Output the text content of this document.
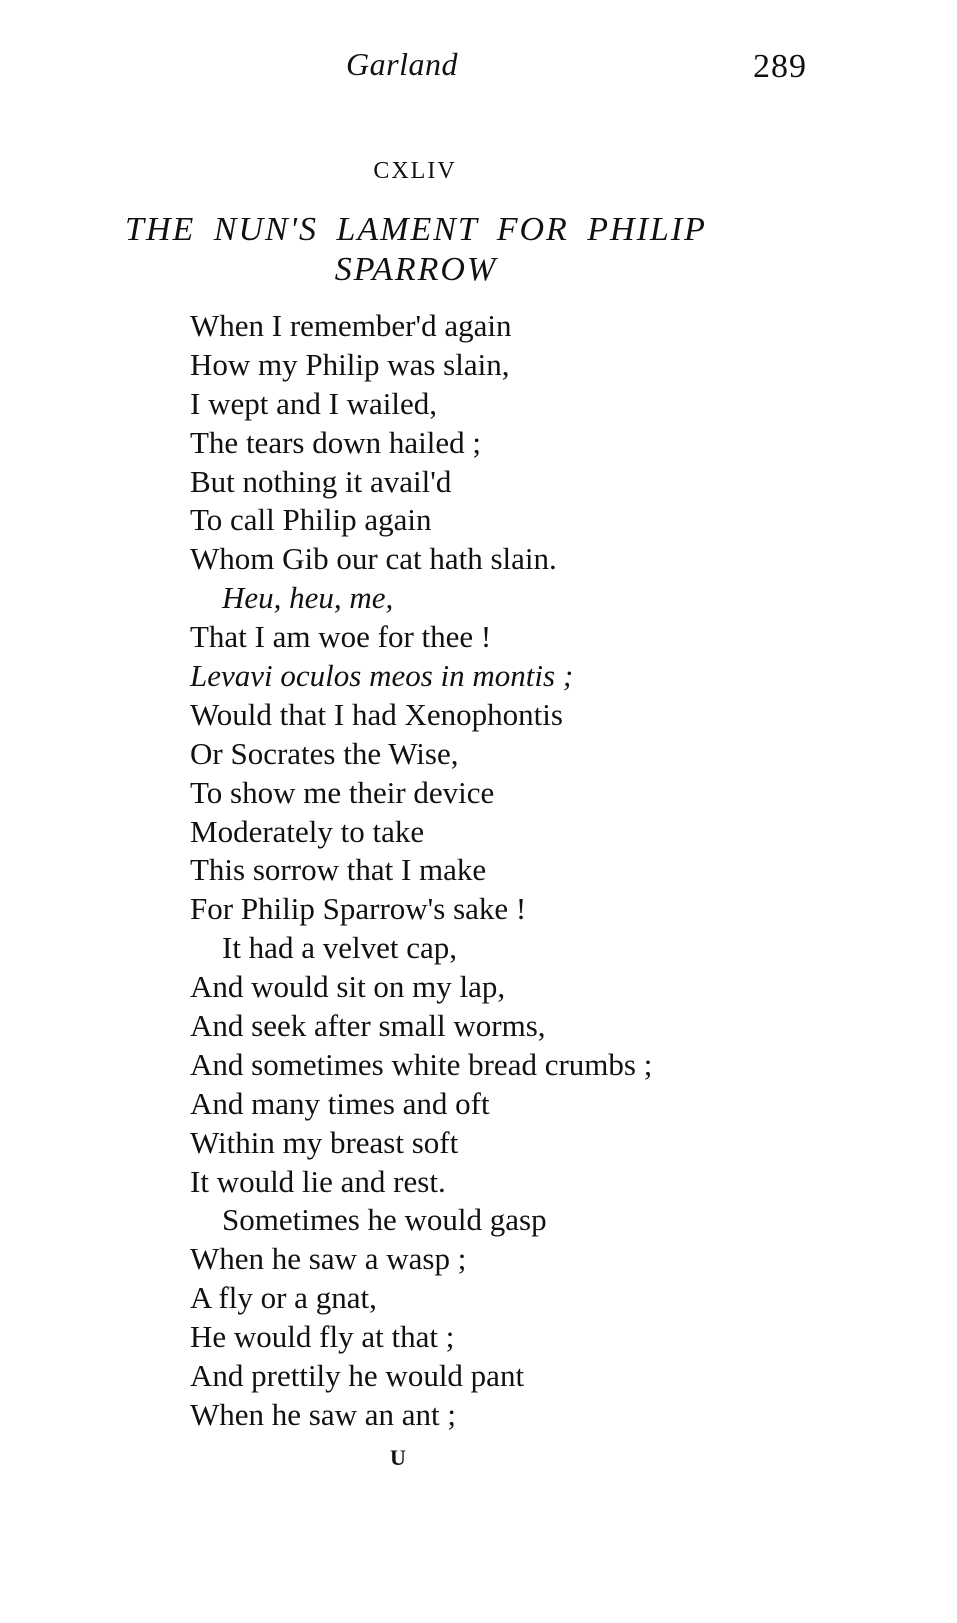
Garland	289
CXLIV
THE NUN'S LAMENT FOR PHILIP
SPARROW
When I remember'd again
How my Philip was slain,
I wept and I wailed,
The tears down hailed ;
But nothing it avail'd
To call Philip again
Whom Gib our cat hath slain.
Heu, heu, me,
That I am woe for thee !
Levavi oculos meos in montis ;
Would that I had Xenophontis
Or Socrates the Wise,
To show me their device
Moderately to take
This sorrow that I make
For Philip Sparrow's sake !
It had a velvet cap,
And would sit on my lap,
And seek after small worms,
And sometimes white bread crumbs ;
And many times and oft
Within my breast soft
It would lie and rest.
Sometimes he would gasp
When he saw a wasp ;
A fly or a gnat,
He would fly at that ;
And prettily he would pant
When he saw an ant ;
U
